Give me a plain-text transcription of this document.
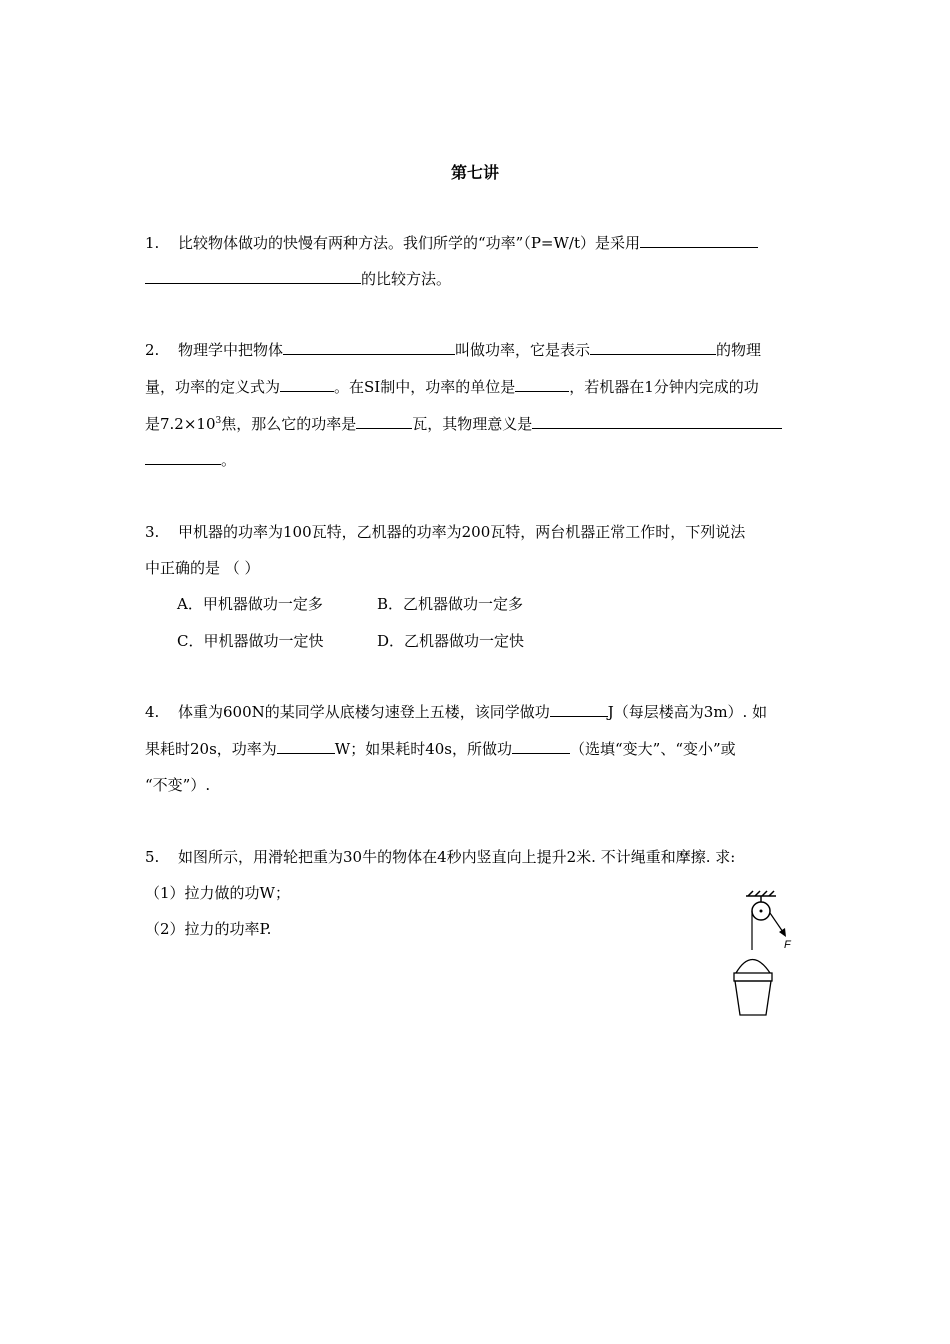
第七讲
1. 比较物体做功的快慢有两种方法。我们所学的“功率”（P=W/t）是采用
的比较方法。
2. 物理学中把物体	叫做功率，它是表示	的物理
量，功率的定义式为	。在SI制中，功率的单位是	，若机器在1分钟内完成的功
是$7.2\times 10^3$焦，那么它的功率是	瓦，其物理意义是
。
3. 甲机器的功率为100瓦特，乙机器的功率为200瓦特，两台机器正常工作时，下列说法
中正确的是 （ ）
A．甲机器做功一定多	B．乙机器做功一定多
C．甲机器做功一定快	D．乙机器做功一定快
4. 体重为600N的某同学从底楼匀速登上五楼，该同学做功	J（每层楼高为3m）. 如
果耗时20s，功率为	W；如果耗时40s，所做功	（选填“变大”、“变小”或
“不变”）.
5. 如图所示，用滑轮把重为30牛的物体在4秒内竖直向上提升2米. 不计绳重和摩擦. 求:
（1）拉力做的功W；
（2）拉力的功率P.
F
